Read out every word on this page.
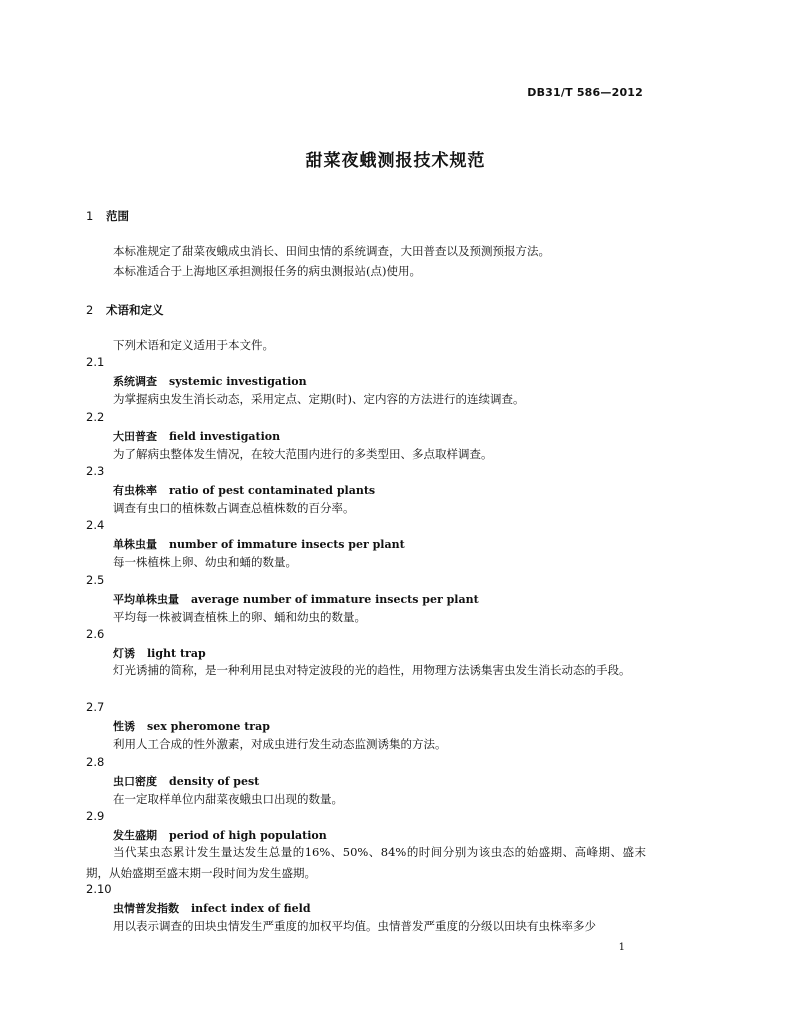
DB31/T 586—2012
甜菜夜蛾测报技术规范
1 范围
本标准规定了甜菜夜蛾成虫消长、田间虫情的系统调查，大田普查以及预测预报方法。
本标准适合于上海地区承担测报任务的病虫测报站(点)使用。
2 术语和定义
下列术语和定义适用于本文件。
2.1
系统调查 systemic investigation
为掌握病虫发生消长动态，采用定点、定期(时)、定内容的方法进行的连续调查。
2.2
大田普查 field investigation
为了解病虫整体发生情况，在较大范围内进行的多类型田、多点取样调查。
2.3
有虫株率 ratio of pest contaminated plants
调查有虫口的植株数占调查总植株数的百分率。
2.4
单株虫量 number of immature insects per plant
每一株植株上卵、幼虫和蛹的数量。
2.5
平均单株虫量 average number of immature insects per plant
平均每一株被调查植株上的卵、蛹和幼虫的数量。
2.6
灯诱 light trap
灯光诱捕的简称，是一种利用昆虫对特定波段的光的趋性，用物理方法诱集害虫发生消长动态的手段。
2.7
性诱 sex pheromone trap
利用人工合成的性外激素，对成虫进行发生动态监测诱集的方法。
2.8
虫口密度 density of pest
在一定取样单位内甜菜夜蛾虫口出现的数量。
2.9
发生盛期 period of high population
当代某虫态累计发生量达发生总量的16%、50%、84%的时间分别为该虫态的始盛期、高峰期、盛末期，从始盛期至盛末期一段时间为发生盛期。
2.10
虫情普发指数 infect index of field
用以表示调查的田块虫情发生严重度的加权平均值。虫情普发严重度的分级以田块有虫株率多少
1
